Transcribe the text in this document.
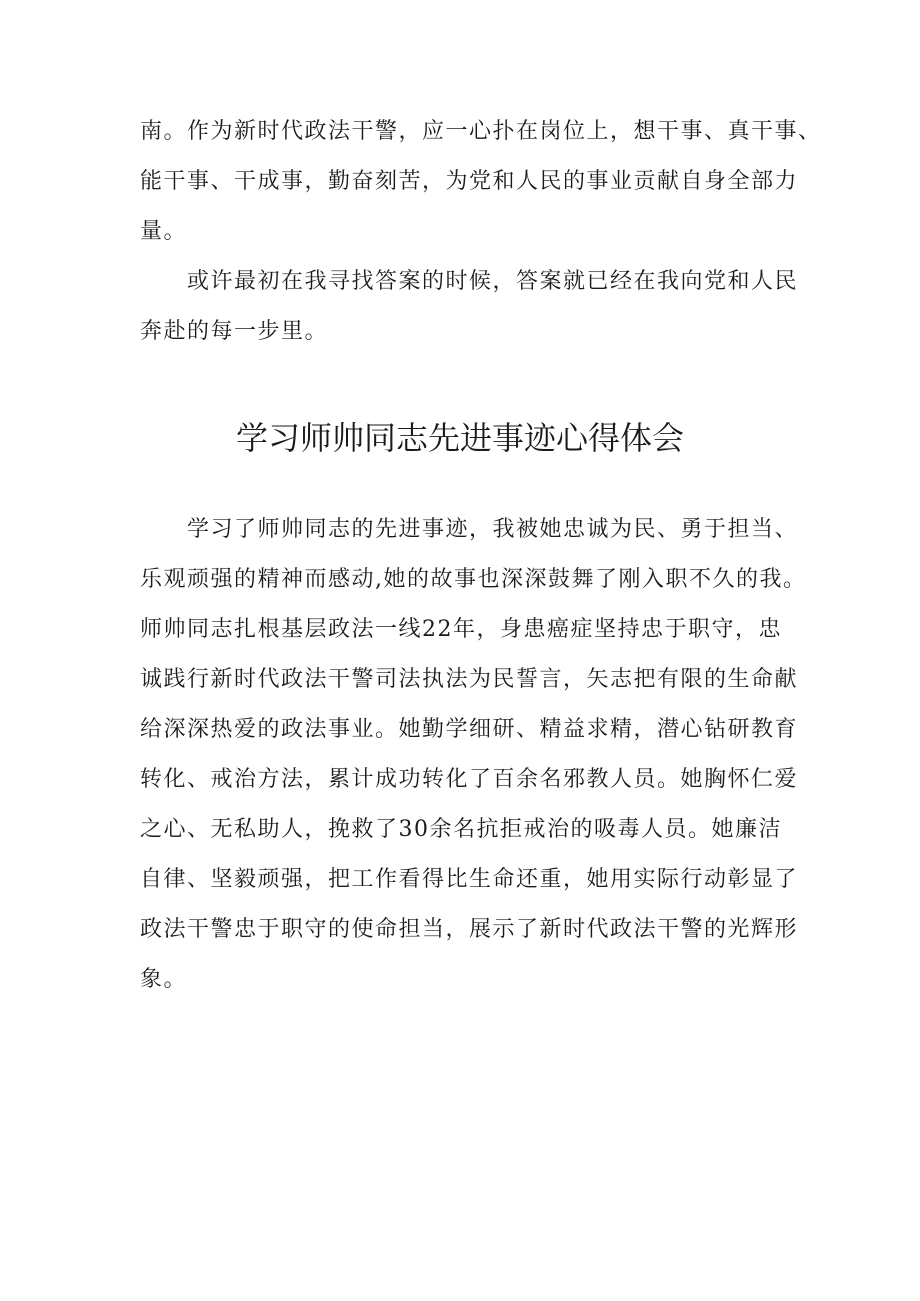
南。作为新时代政法干警，应一心扑在岗位上，想干事、真干事、
能干事、干成事，勤奋刻苦，为党和人民的事业贡献自身全部力
量。
　　或许最初在我寻找答案的时候，答案就已经在我向党和人民
奔赴的每一步里。
学习师帅同志先进事迹心得体会
　　学习了师帅同志的先进事迹，我被她忠诚为民、勇于担当、
乐观顽强的精神而感动,她的故事也深深鼓舞了刚入职不久的我。
师帅同志扎根基层政法一线22年，身患癌症坚持忠于职守，忠
诚践行新时代政法干警司法执法为民誓言，矢志把有限的生命献
给深深热爱的政法事业。她勤学细研、精益求精，潜心钻研教育
转化、戒治方法，累计成功转化了百余名邪教人员。她胸怀仁爱
之心、无私助人，挽救了30余名抗拒戒治的吸毒人员。她廉洁
自律、坚毅顽强，把工作看得比生命还重，她用实际行动彰显了
政法干警忠于职守的使命担当，展示了新时代政法干警的光辉形
象。
